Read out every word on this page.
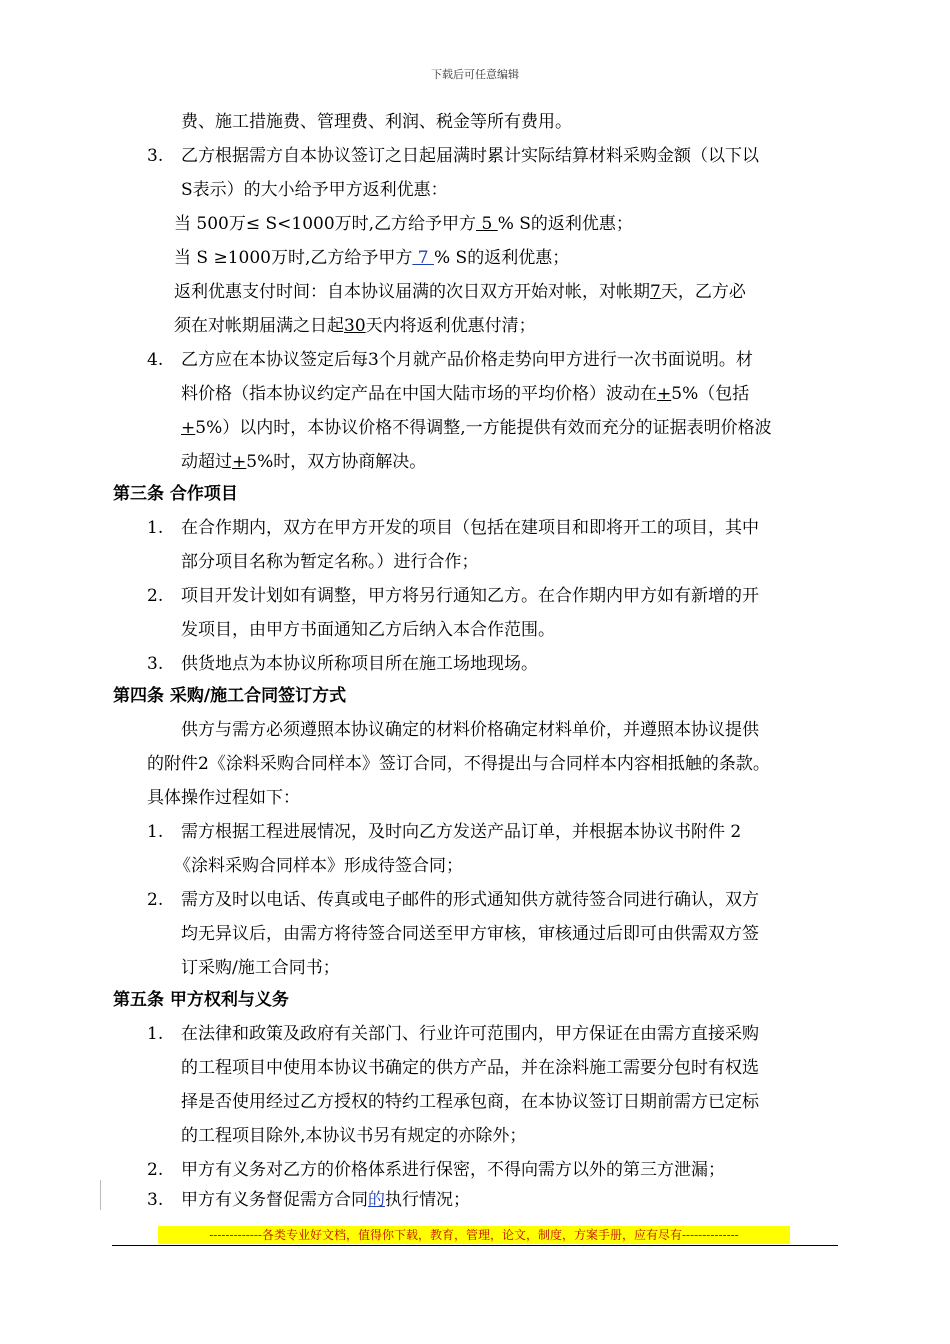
下载后可任意编辑
费、施工措施费、管理费、利润、税金等所有费用。
3. 乙方根据需方自本协议签订之日起届满时累计实际结算材料采购金额（以下以
S表示）的大小给予甲方返利优惠：
当 500万≤ S<1000万时,乙方给予甲方 5 % S的返利优惠；
当 S ≥1000万时,乙方给予甲方 7 % S的返利优惠；
返利优惠支付时间：自本协议届满的次日双方开始对帐，对帐期7天，乙方必
须在对帐期届满之日起30天内将返利优惠付清；
4. 乙方应在本协议签定后每3个月就产品价格走势向甲方进行一次书面说明。材
料价格（指本协议约定产品在中国大陆市场的平均价格）波动在+5%（包括
+5%）以内时，本协议价格不得调整,一方能提供有效而充分的证据表明价格波
动超过+5%时，双方协商解决。
第三条 合作项目
1. 在合作期内，双方在甲方开发的项目（包括在建项目和即将开工的项目，其中
部分项目名称为暂定名称。）进行合作；
2. 项目开发计划如有调整，甲方将另行通知乙方。在合作期内甲方如有新增的开
发项目，由甲方书面通知乙方后纳入本合作范围。
3. 供货地点为本协议所称项目所在施工场地现场。
第四条 采购/施工合同签订方式
供方与需方必须遵照本协议确定的材料价格确定材料单价，并遵照本协议提供
的附件2《涂料采购合同样本》签订合同，不得提出与合同样本内容相抵触的条款。
具体操作过程如下：
1. 需方根据工程进展情况，及时向乙方发送产品订单，并根据本协议书附件 2
《涂料采购合同样本》形成待签合同；
2. 需方及时以电话、传真或电子邮件的形式通知供方就待签合同进行确认，双方
均无异议后，由需方将待签合同送至甲方审核，审核通过后即可由供需双方签
订采购/施工合同书；
第五条 甲方权利与义务
1. 在法律和政策及政府有关部门、行业许可范围内，甲方保证在由需方直接采购
的工程项目中使用本协议书确定的供方产品，并在涂料施工需要分包时有权选
择是否使用经过乙方授权的特约工程承包商，在本协议签订日期前需方已定标
的工程项目除外,本协议书另有规定的亦除外；
2. 甲方有义务对乙方的价格体系进行保密，不得向需方以外的第三方泄漏；
3. 甲方有义务督促需方合同的执行情况；
-------------各类专业好文档，值得你下载，教育，管理，论文，制度，方案手册，应有尽有--------------
